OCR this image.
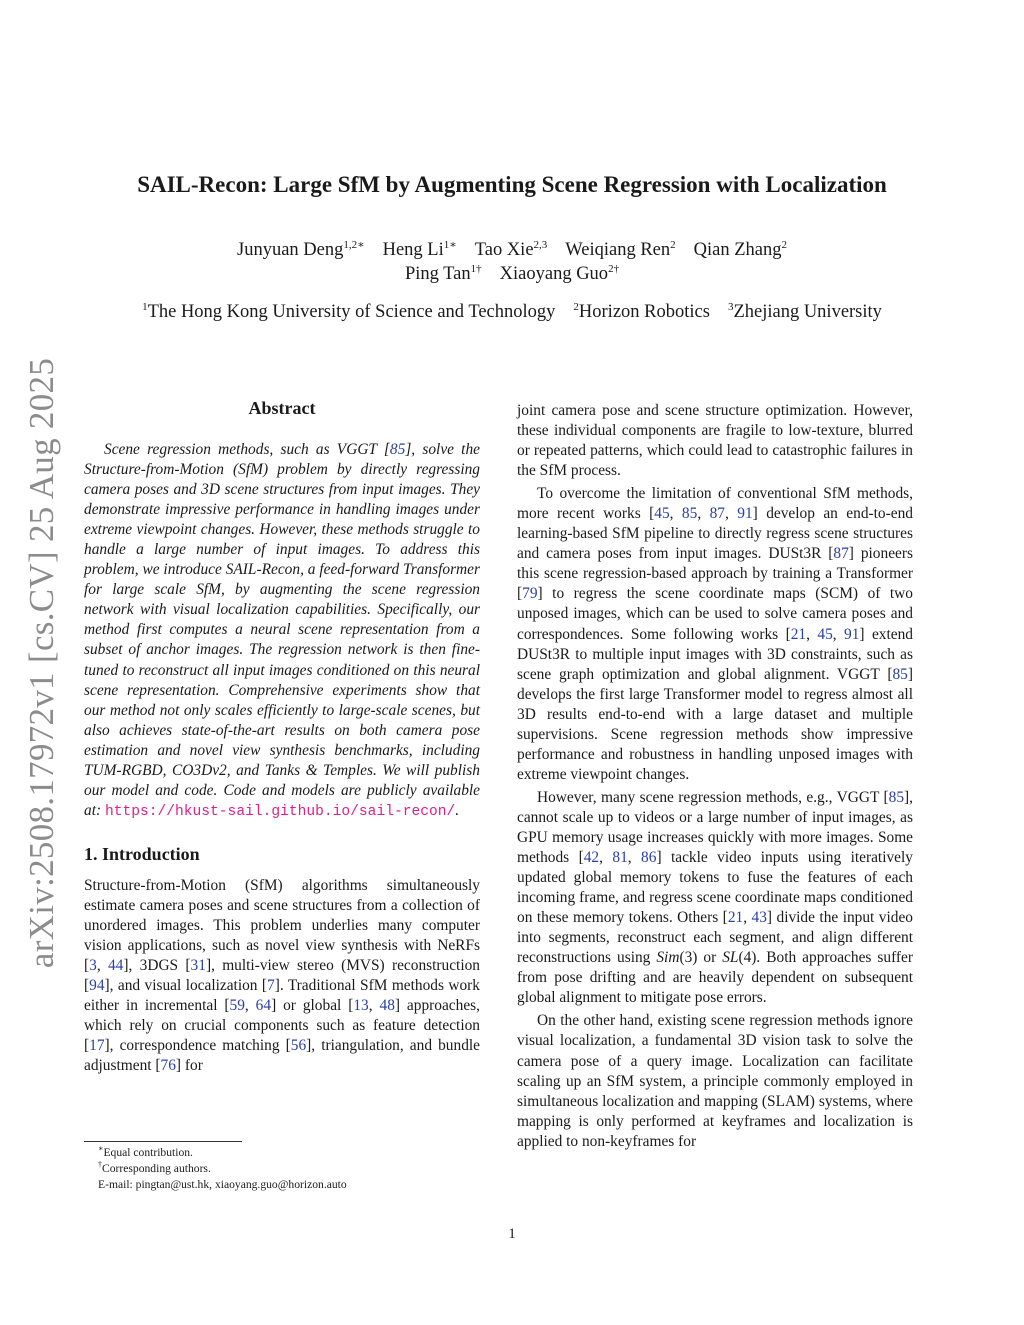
arXiv:2508.17972v1 [cs.CV] 25 Aug 2025
SAIL-Recon: Large SfM by Augmenting Scene Regression with Localization
Junyuan Deng$^{1,2∗}$ Heng $Li^{1∗}$ Tao Xie$^{2,3}$ Weiqiang Ren$^2$ Qian Zhang$^2$
Ping Tan$^{1\dagger}$ Xiaoyang Guo$^{2\dagger}$
$^1$The Hong Kong University of Science and Technology $^2$Horizon Robotics $^3$Zhejiang University
Abstract

Scene regression methods, such as VGGT [85], solve the Structure-from-Motion (SfM) problem by directly regressing camera poses and 3D scene structures from input images. They demonstrate impressive performance in handling images under extreme viewpoint changes. However, these methods struggle to handle a large number of input images. To address this problem, we introduce SAIL-Recon, a feed-forward Transformer for large scale SfM, by augmenting the scene regression network with visual localization capabilities. Specifically, our method first computes a neural scene representation from a subset of anchor images. The regression network is then fine-tuned to reconstruct all input images conditioned on this neural scene representation. Comprehensive experiments show that our method not only scales efficiently to large-scale scenes, but also achieves state-of-the-art results on both camera pose estimation and novel view synthesis benchmarks, including TUM-RGBD, CO3Dv2, and Tanks & Temples. We will publish our model and code. Code and models are publicly available at: https://hkust-sail.github.io/sail-recon/.

1. Introduction

Structure-from-Motion (SfM) algorithms simultaneously estimate camera poses and scene structures from a collection of unordered images. This problem underlies many computer vision applications, such as novel view synthesis with NeRFs [3, 44], 3DGS [31], multi-view stereo (MVS) reconstruction [94], and visual localization [7]. Traditional SfM methods work either in incremental [59, 64] or global [13, 48] approaches, which rely on crucial components such as feature detection [17], correspondence matching [56], triangulation, and bundle adjustment [76] for

∗Equal contribution.
†Corresponding authors.
E-mail: pingtan@ust.hk, xiaoyang.guo@horizon.auto

joint camera pose and scene structure optimization. However, these individual components are fragile to low-texture, blurred or repeated patterns, which could lead to catastrophic failures in the SfM process.

To overcome the limitation of conventional SfM methods, more recent works [45, 85, 87, 91] develop an end-to-end learning-based SfM pipeline to directly regress scene structures and camera poses from input images. DUSt3R [87] pioneers this scene regression-based approach by training a Transformer [79] to regress the scene coordinate maps (SCM) of two unposed images, which can be used to solve camera poses and correspondences. Some following works [21, 45, 91] extend DUSt3R to multiple input images with 3D constraints, such as scene graph optimization and global alignment. VGGT [85] develops the first large Transformer model to regress almost all 3D results end-to-end with a large dataset and multiple supervisions. Scene regression methods show impressive performance and robustness in handling unposed images with extreme viewpoint changes.

However, many scene regression methods, e.g., VGGT [85], cannot scale up to videos or a large number of input images, as GPU memory usage increases quickly with more images. Some methods [42, 81, 86] tackle video inputs using iteratively updated global memory tokens to fuse the features of each incoming frame, and regress scene coordinate maps conditioned on these memory tokens. Others [21, 43] divide the input video into segments, reconstruct each segment, and align different reconstructions using Sim(3) or SL(4). Both approaches suffer from pose drifting and are heavily dependent on subsequent global alignment to mitigate pose errors.

On the other hand, existing scene regression methods ignore visual localization, a fundamental 3D vision task to solve the camera pose of a query image. Localization can facilitate scaling up an SfM system, a principle commonly employed in simultaneous localization and mapping (SLAM) systems, where mapping is only performed at keyframes and localization is applied to non-keyframes for

1
